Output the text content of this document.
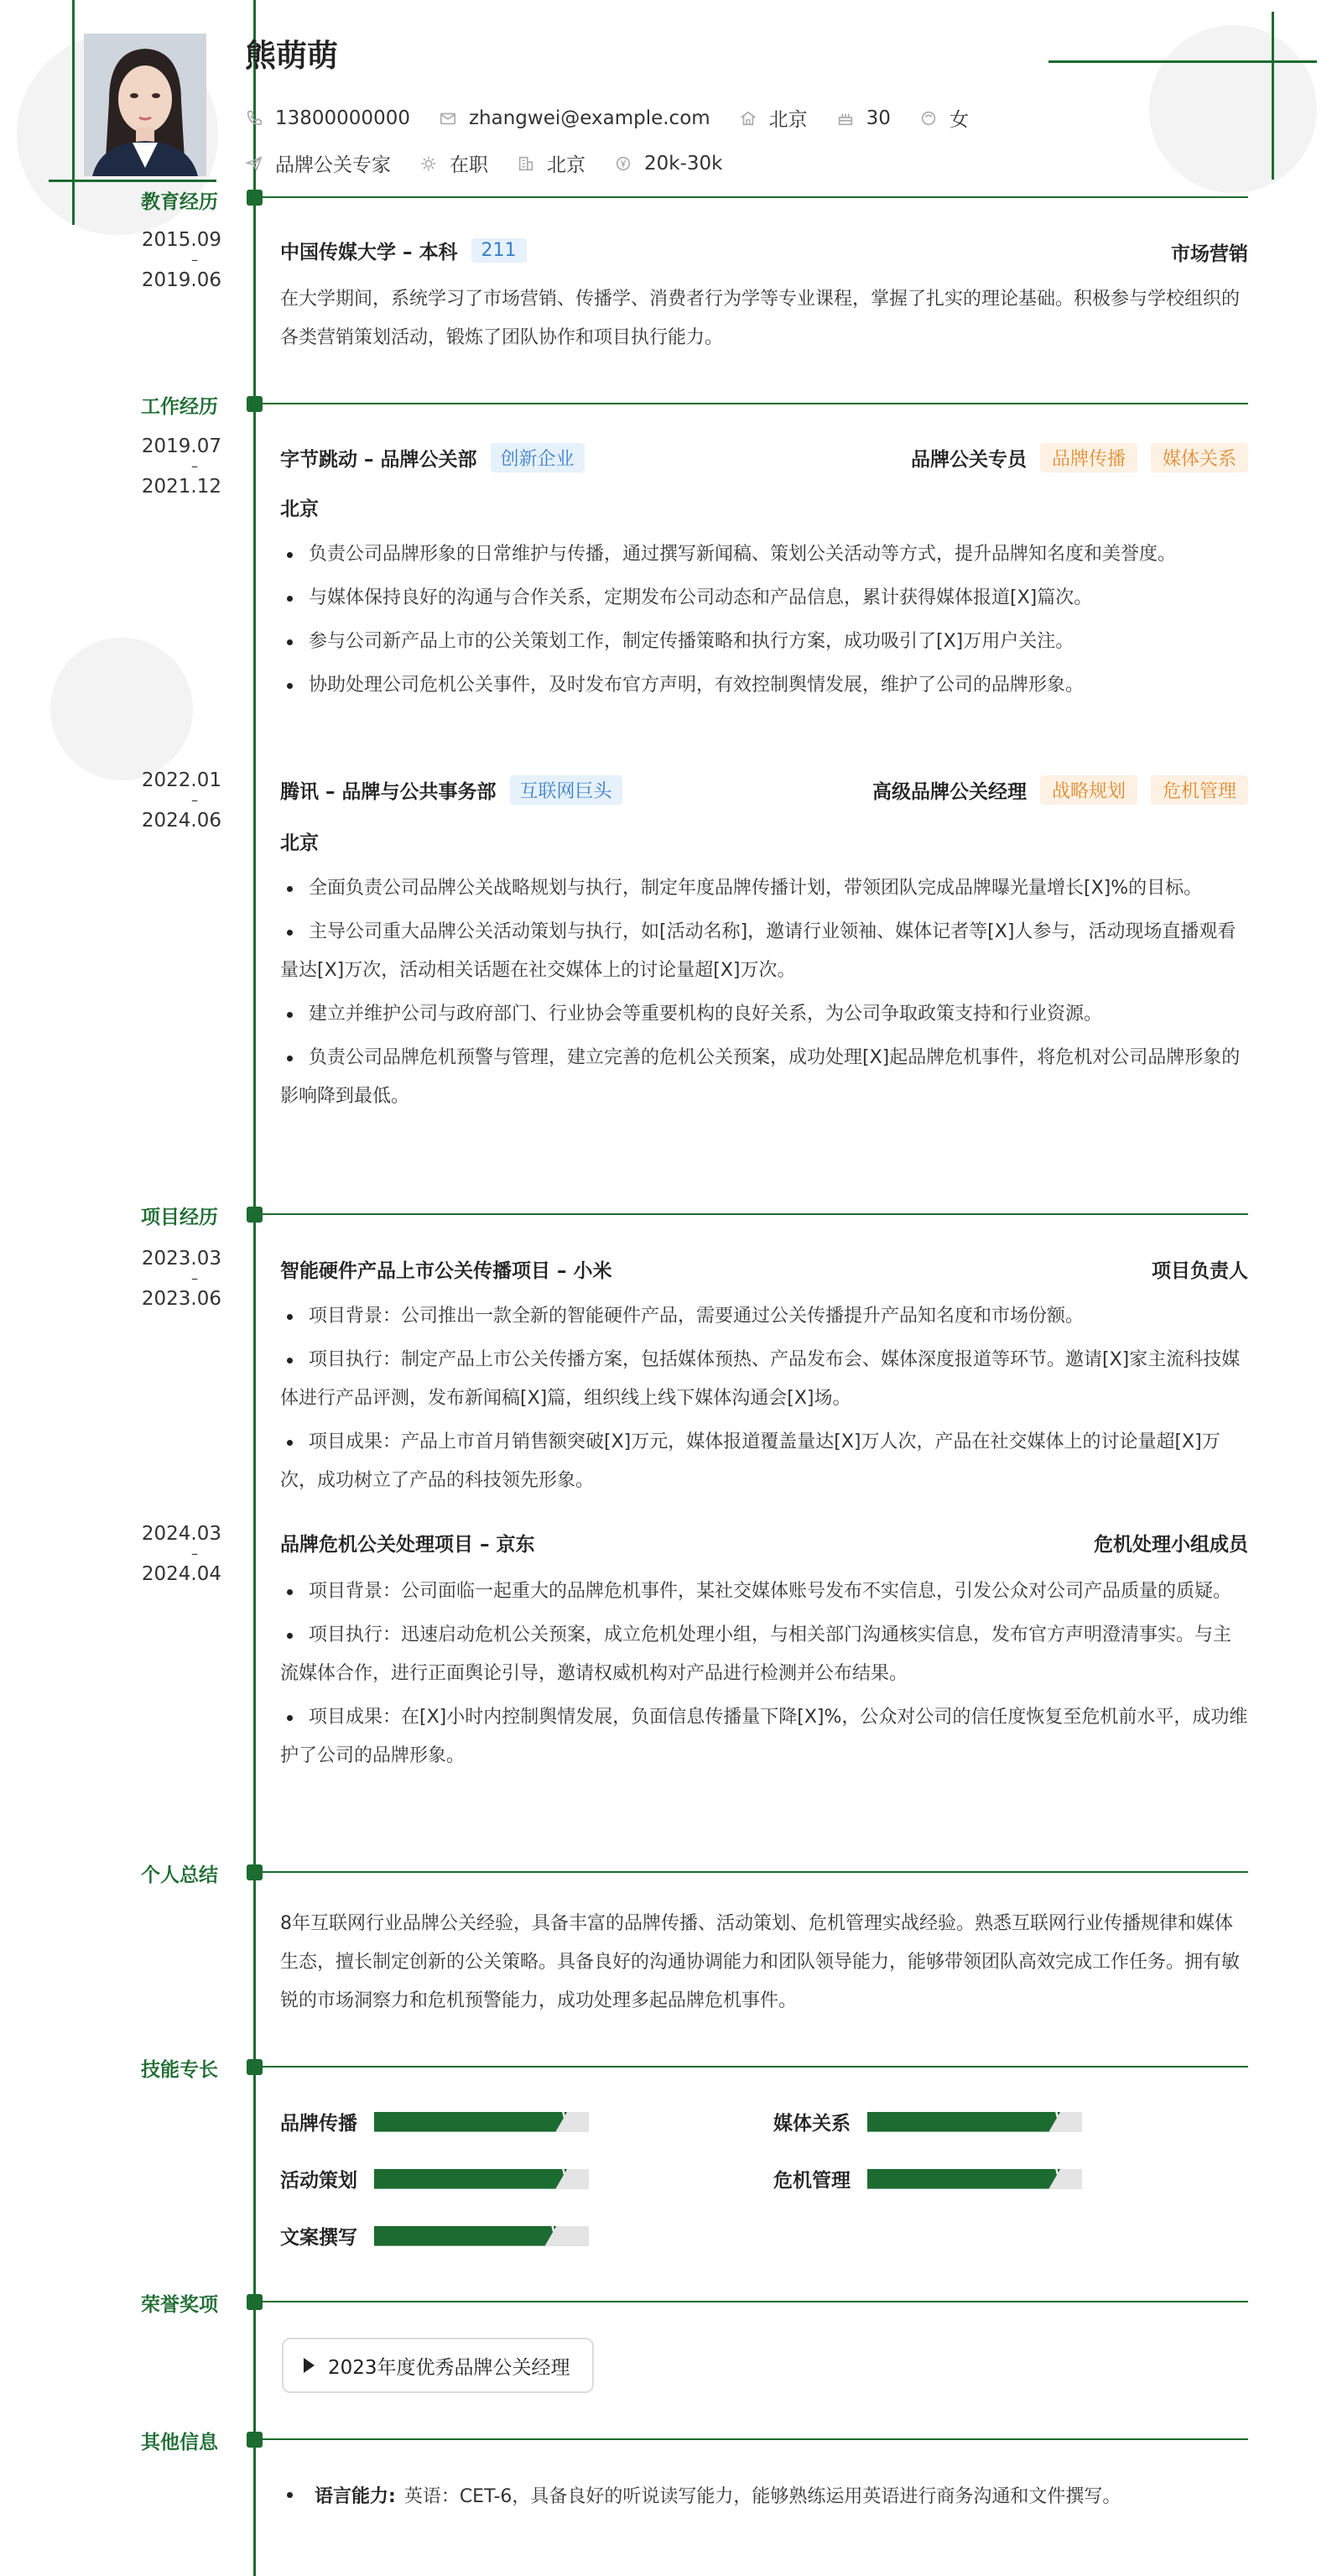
熊萌萌
13800000000	zhangwei@example.com	北京	30	女
品牌公关专家	在职	北京	20k-30k
教育经历
2015.09
–
2019.06
中国传媒大学 – 本科	211	市场营销
在大学期间，系统学习了市场营销、传播学、消费者行为学等专业课程，掌握了扎实的理论基础。积极参与学校组织的各类营销策划活动，锻炼了团队协作和项目执行能力。
工作经历
2019.07
–
2021.12
字节跳动 – 品牌公关部	创新企业	品牌公关专员	品牌传播	媒体关系
北京
负责公司品牌形象的日常维护与传播，通过撰写新闻稿、策划公关活动等方式，提升品牌知名度和美誉度。
与媒体保持良好的沟通与合作关系，定期发布公司动态和产品信息，累计获得媒体报道[X]篇次。
参与公司新产品上市的公关策划工作，制定传播策略和执行方案，成功吸引了[X]万用户关注。
协助处理公司危机公关事件，及时发布官方声明，有效控制舆情发展，维护了公司的品牌形象。
2022.01
–
2024.06
腾讯 – 品牌与公共事务部	互联网巨头	高级品牌公关经理	战略规划	危机管理
北京
全面负责公司品牌公关战略规划与执行，制定年度品牌传播计划，带领团队完成品牌曝光量增长[X]%的目标。
主导公司重大品牌公关活动策划与执行，如[活动名称]，邀请行业领袖、媒体记者等[X]人参与，活动现场直播观看量达[X]万次，活动相关话题在社交媒体上的讨论量超[X]万次。
建立并维护公司与政府部门、行业协会等重要机构的良好关系，为公司争取政策支持和行业资源。
负责公司品牌危机预警与管理，建立完善的危机公关预案，成功处理[X]起品牌危机事件，将危机对公司品牌形象的影响降到最低。
项目经历
2023.03
–
2023.06
智能硬件产品上市公关传播项目 – 小米	项目负责人
项目背景：公司推出一款全新的智能硬件产品，需要通过公关传播提升产品知名度和市场份额。
项目执行：制定产品上市公关传播方案，包括媒体预热、产品发布会、媒体深度报道等环节。邀请[X]家主流科技媒体进行产品评测，发布新闻稿[X]篇，组织线上线下媒体沟通会[X]场。
项目成果：产品上市首月销售额突破[X]万元，媒体报道覆盖量达[X]万人次，产品在社交媒体上的讨论量超[X]万次，成功树立了产品的科技领先形象。
2024.03
–
2024.04
品牌危机公关处理项目 – 京东	危机处理小组成员
项目背景：公司面临一起重大的品牌危机事件，某社交媒体账号发布不实信息，引发公众对公司产品质量的质疑。
项目执行：迅速启动危机公关预案，成立危机处理小组，与相关部门沟通核实信息，发布官方声明澄清事实。与主流媒体合作，进行正面舆论引导，邀请权威机构对产品进行检测并公布结果。
项目成果：在[X]小时内控制舆情发展，负面信息传播量下降[X]%，公众对公司的信任度恢复至危机前水平，成功维护了公司的品牌形象。
个人总结
8年互联网行业品牌公关经验，具备丰富的品牌传播、活动策划、危机管理实战经验。熟悉互联网行业传播规律和媒体生态，擅长制定创新的公关策略。具备良好的沟通协调能力和团队领导能力，能够带领团队高效完成工作任务。拥有敏锐的市场洞察力和危机预警能力，成功处理多起品牌危机事件。
技能专长
品牌传播	媒体关系
活动策划	危机管理
文案撰写
荣誉奖项
2023年度优秀品牌公关经理
其他信息
语言能力: 英语：CET-6，具备良好的听说读写能力，能够熟练运用英语进行商务沟通和文件撰写。
